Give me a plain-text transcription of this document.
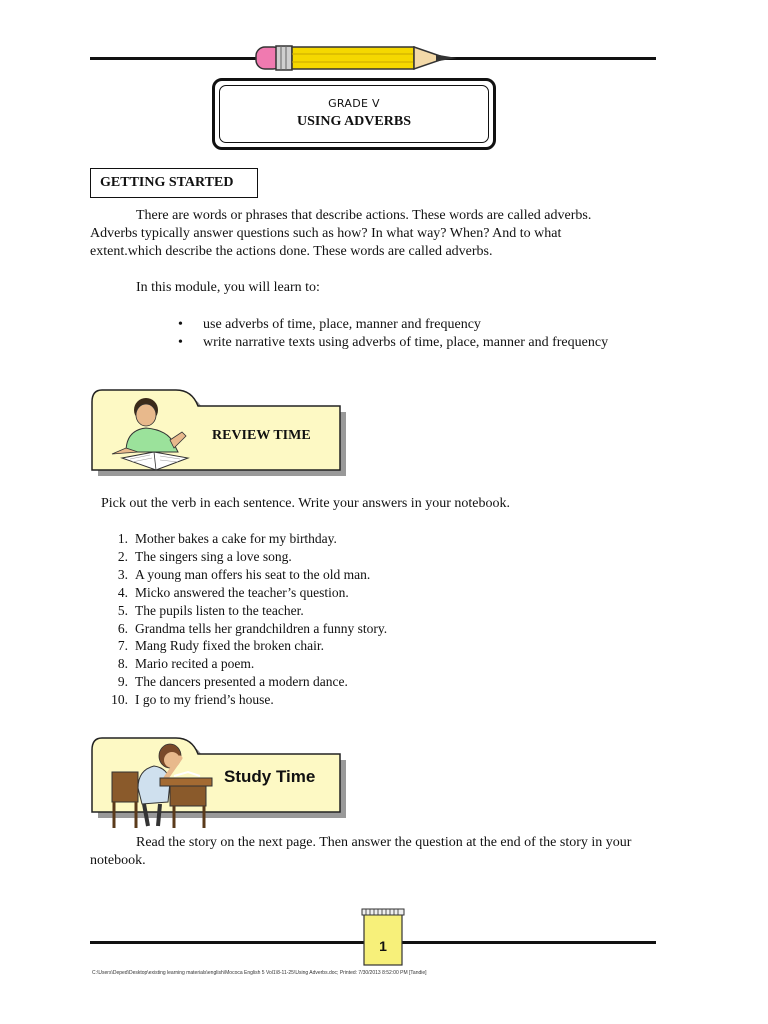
GRADE V
USING ADVERBS
GETTING STARTED
There are words or phrases that describe actions. These words are called adverbs.
Adverbs typically answer questions such as how? In what way? When? And to what
extent.which describe the actions done. These words are called adverbs.
In this module, you will learn to:
• use adverbs of time, place, manner and frequency
• write narrative texts using adverbs of time, place, manner and frequency
REVIEW TIME
Pick out the verb in each sentence. Write your answers in your notebook.
1. Mother bakes a cake for my birthday.
2. The singers sing a love song.
3. A young man offers his seat to the old man.
4. Micko answered the teacher’s question.
5. The pupils listen to the teacher.
6. Grandma tells her grandchildren a funny story.
7. Mang Rudy fixed the broken chair.
8. Mario recited a poem.
9. The dancers presented a modern dance.
10. I go to my friend’s house.
Study Time
Read the story on the next page. Then answer the question at the end of the story in your
notebook.
1
C:\Users\Deped\Desktop\existing learning materials\english\Mococa English 5 Vol1\8-11-25\Using Adverbs.doc; Printed: 7/30/2013 8:52:00 PM [Tandie]
